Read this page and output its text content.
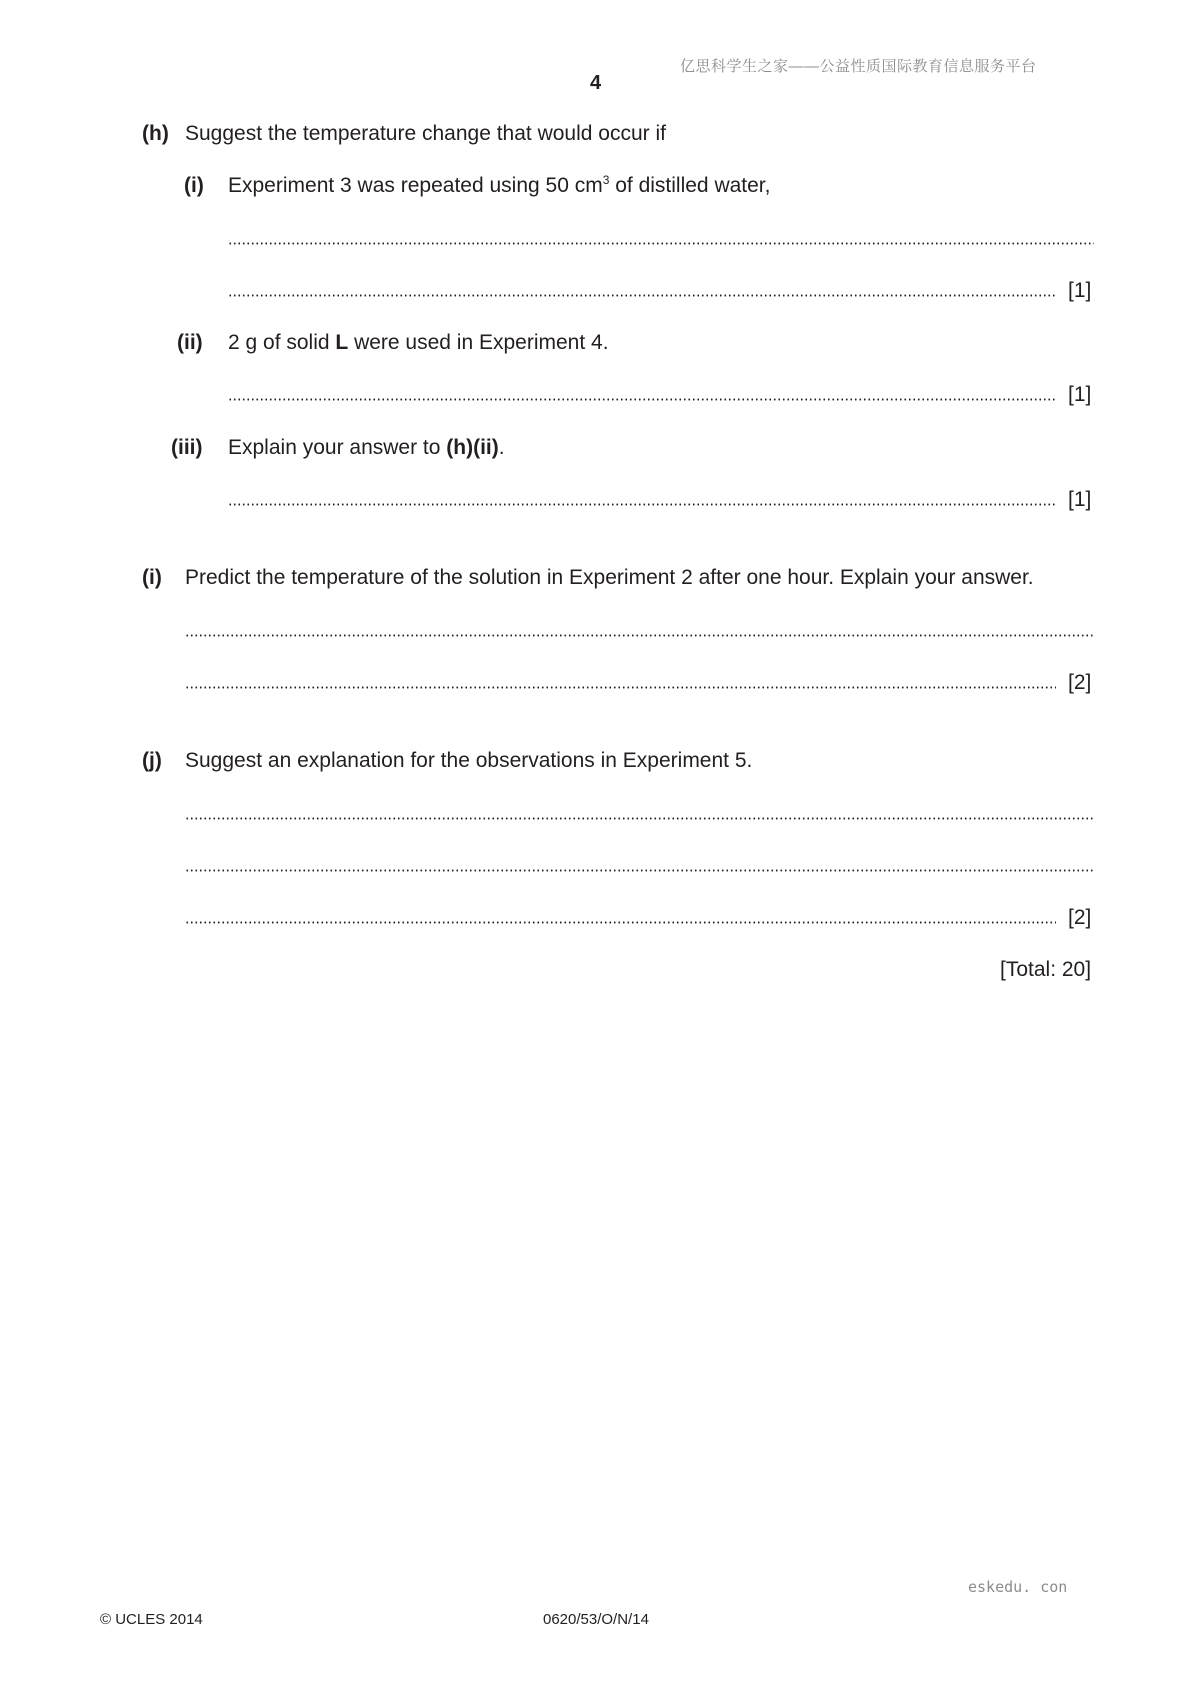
亿思科学生之家——公益性质国际教育信息服务平台
4
(h) Suggest the temperature change that would occur if
(i) Experiment 3 was repeated using 50 $cm^3$ of distilled water,
[1]
(ii) 2 g of solid L were used in Experiment 4.
[1]
(iii) Explain your answer to (h)(ii).
[1]
(i) Predict the temperature of the solution in Experiment 2 after one hour. Explain your answer.
[2]
(j) Suggest an explanation for the observations in Experiment 5.
[2]
[Total: 20]
eskedu. con
© UCLES 2014	0620/53/O/N/14
